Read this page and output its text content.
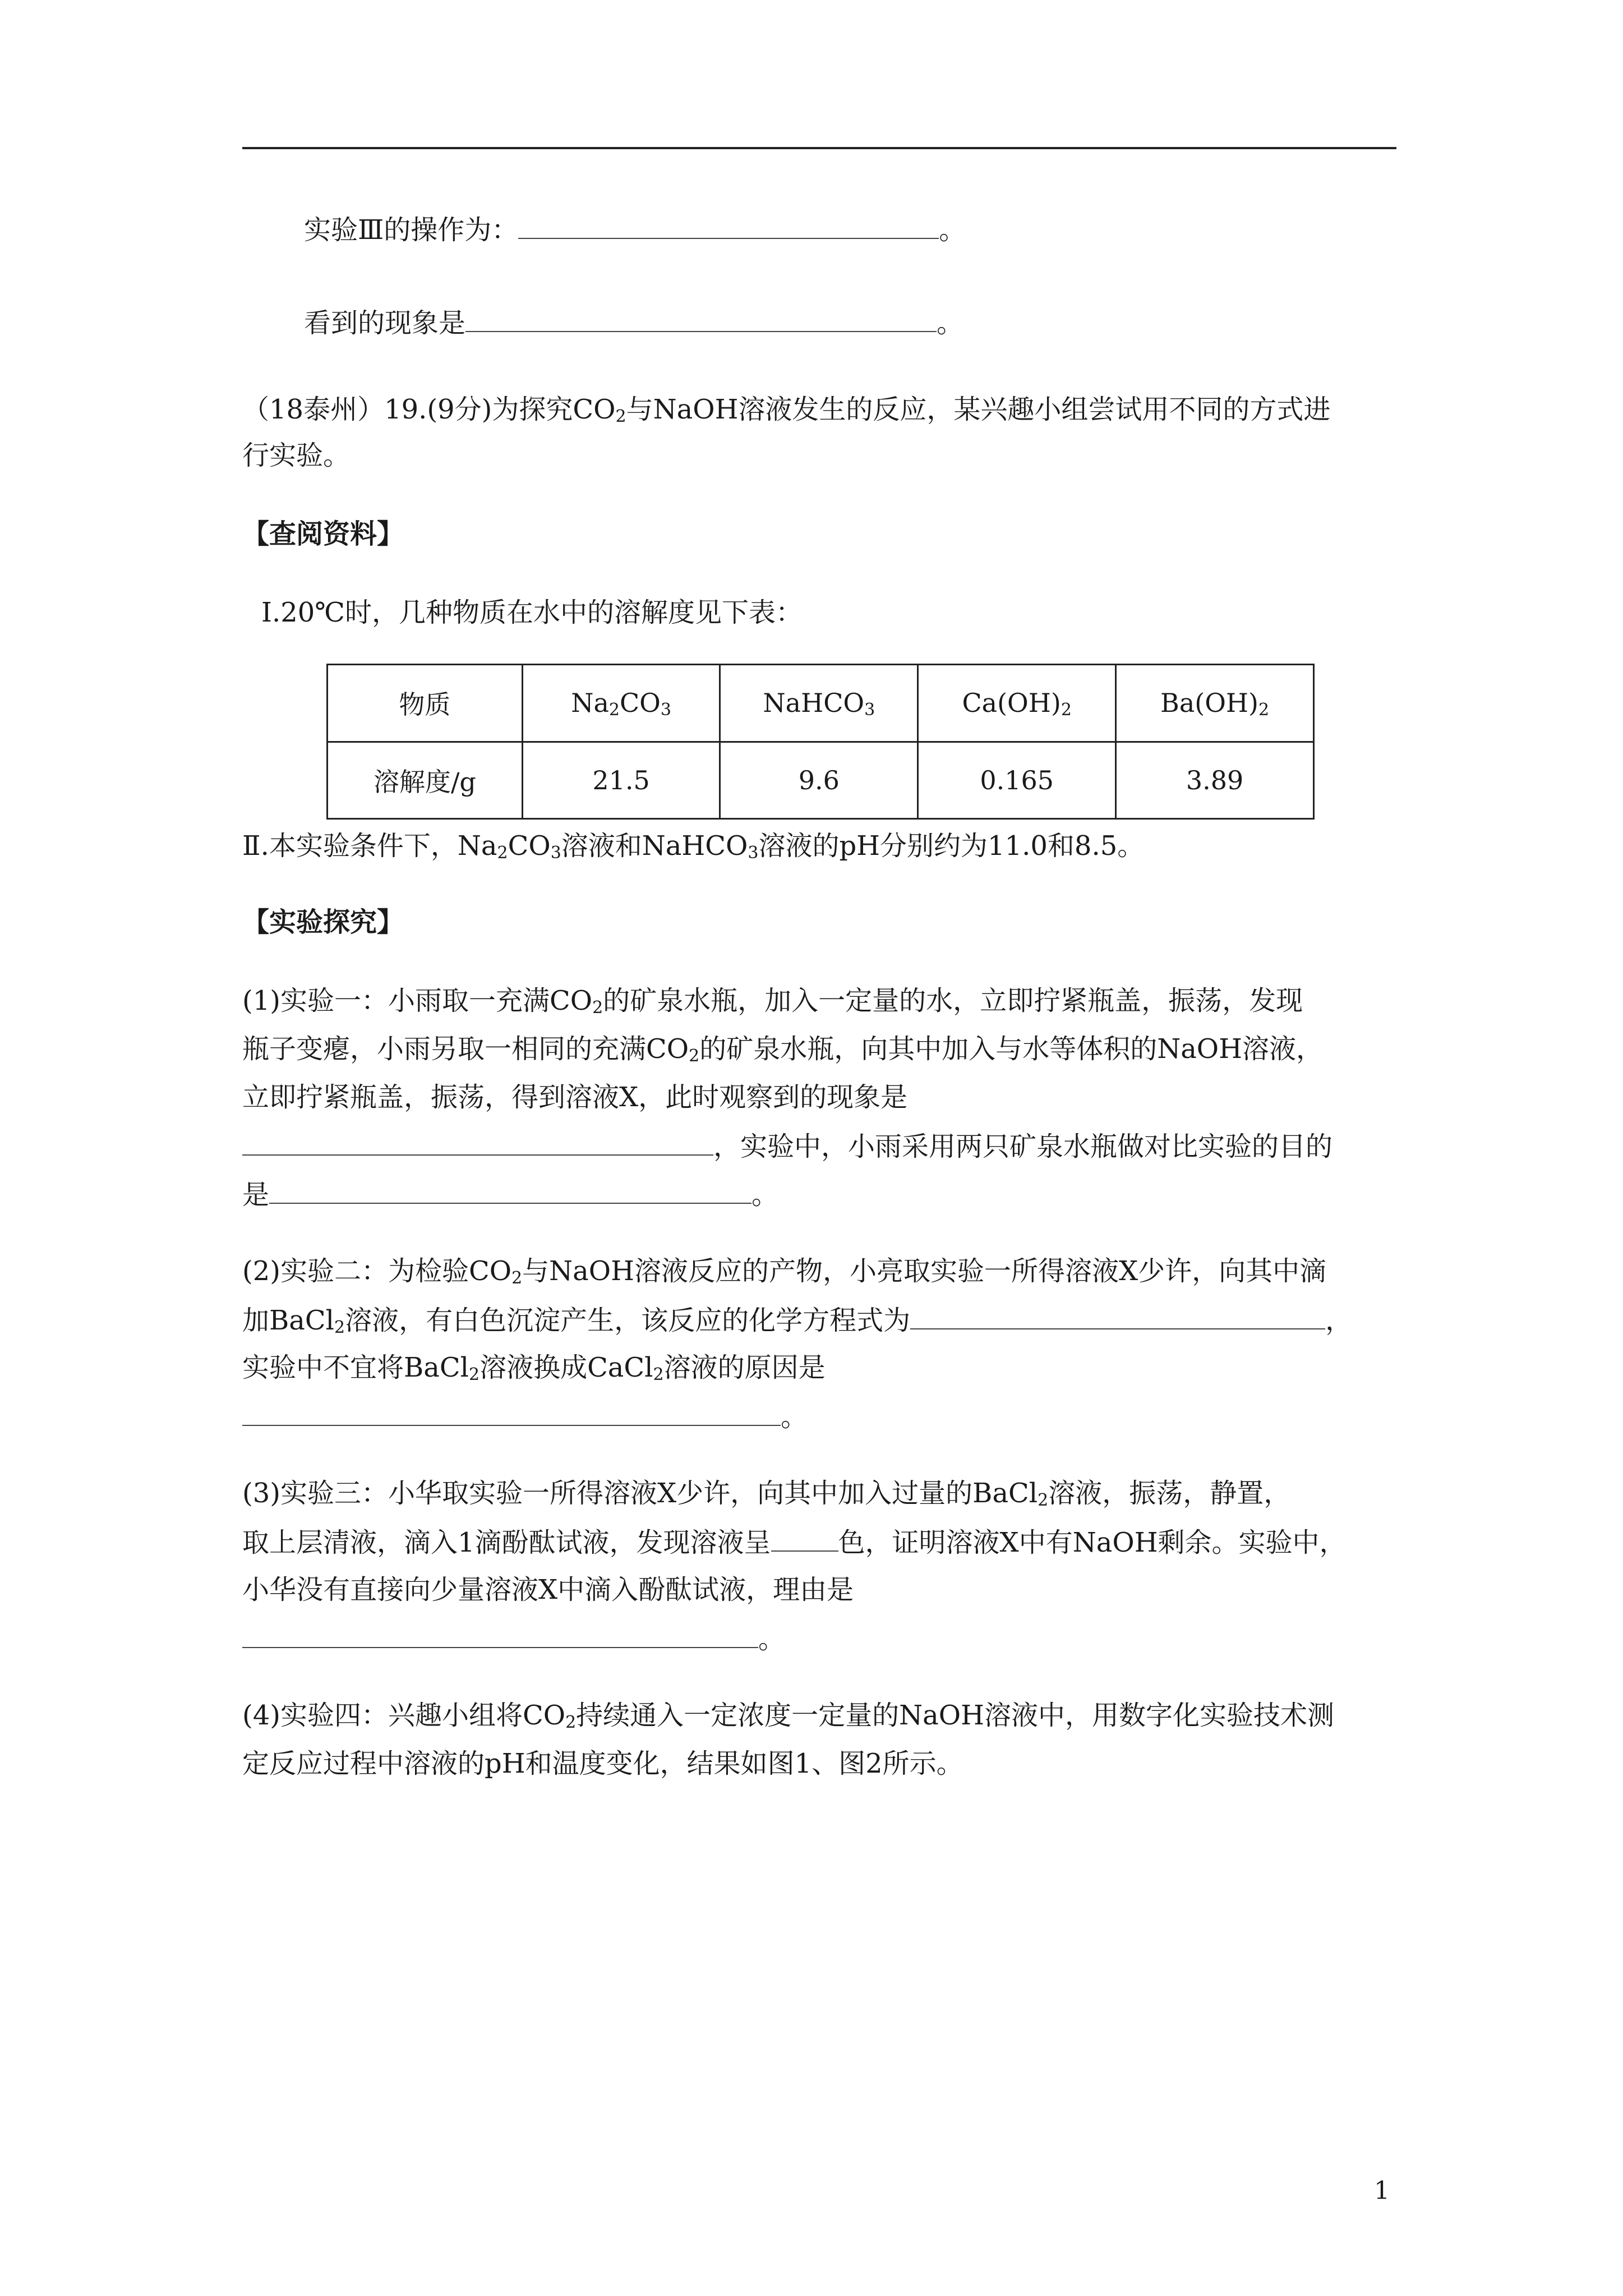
实验Ⅲ的操作为：	。
看到的现象是	。
（18泰州）19.(9分)为探究$CO_2$与NaOH溶液发生的反应，某兴趣小组尝试用不同的方式进
行实验。
【查阅资料】
Ⅰ.20℃时，几种物质在水中的溶解度见下表：
物质	$Na_2CO_3$	NaHCO$_3$	$Ca(OH)_2$	$Ba(OH)_2$
溶解度/g	21.5	9.6	0.165	3.89
Ⅱ.本实验条件下，$Na_2CO_3$溶液和NaHCO$_3$溶液的pH分别约为11.0和8.5。
【实验探究】
(1)实验一：小雨取一充满$CO_2$的矿泉水瓶，加入一定量的水，立即拧紧瓶盖，振荡，发现
瓶子变瘪，小雨另取一相同的充满$CO_2$的矿泉水瓶，向其中加入与水等体积的NaOH溶液，
立即拧紧瓶盖，振荡，得到溶液X，此时观察到的现象是
，实验中，小雨采用两只矿泉水瓶做对比实验的目的
是	。
(2)实验二：为检验$CO_2$与NaOH溶液反应的产物，小亮取实验一所得溶液X少许，向其中滴
加BaCl$_2$溶液，有白色沉淀产生，该反应的化学方程式为	，
实验中不宜将BaCl$_2$溶液换成CaCl$_2$溶液的原因是
。
(3)实验三：小华取实验一所得溶液X少许，向其中加入过量的BaCl$_2$溶液，振荡，静置，
取上层清液，滴入1滴酚酞试液，发现溶液呈	色，证明溶液X中有NaOH剩余。实验中，
小华没有直接向少量溶液X中滴入酚酞试液，理由是
。
(4)实验四：兴趣小组将$CO_2$持续通入一定浓度一定量的NaOH溶液中，用数字化实验技术测
定反应过程中溶液的pH和温度变化，结果如图1、图2所示。
1
